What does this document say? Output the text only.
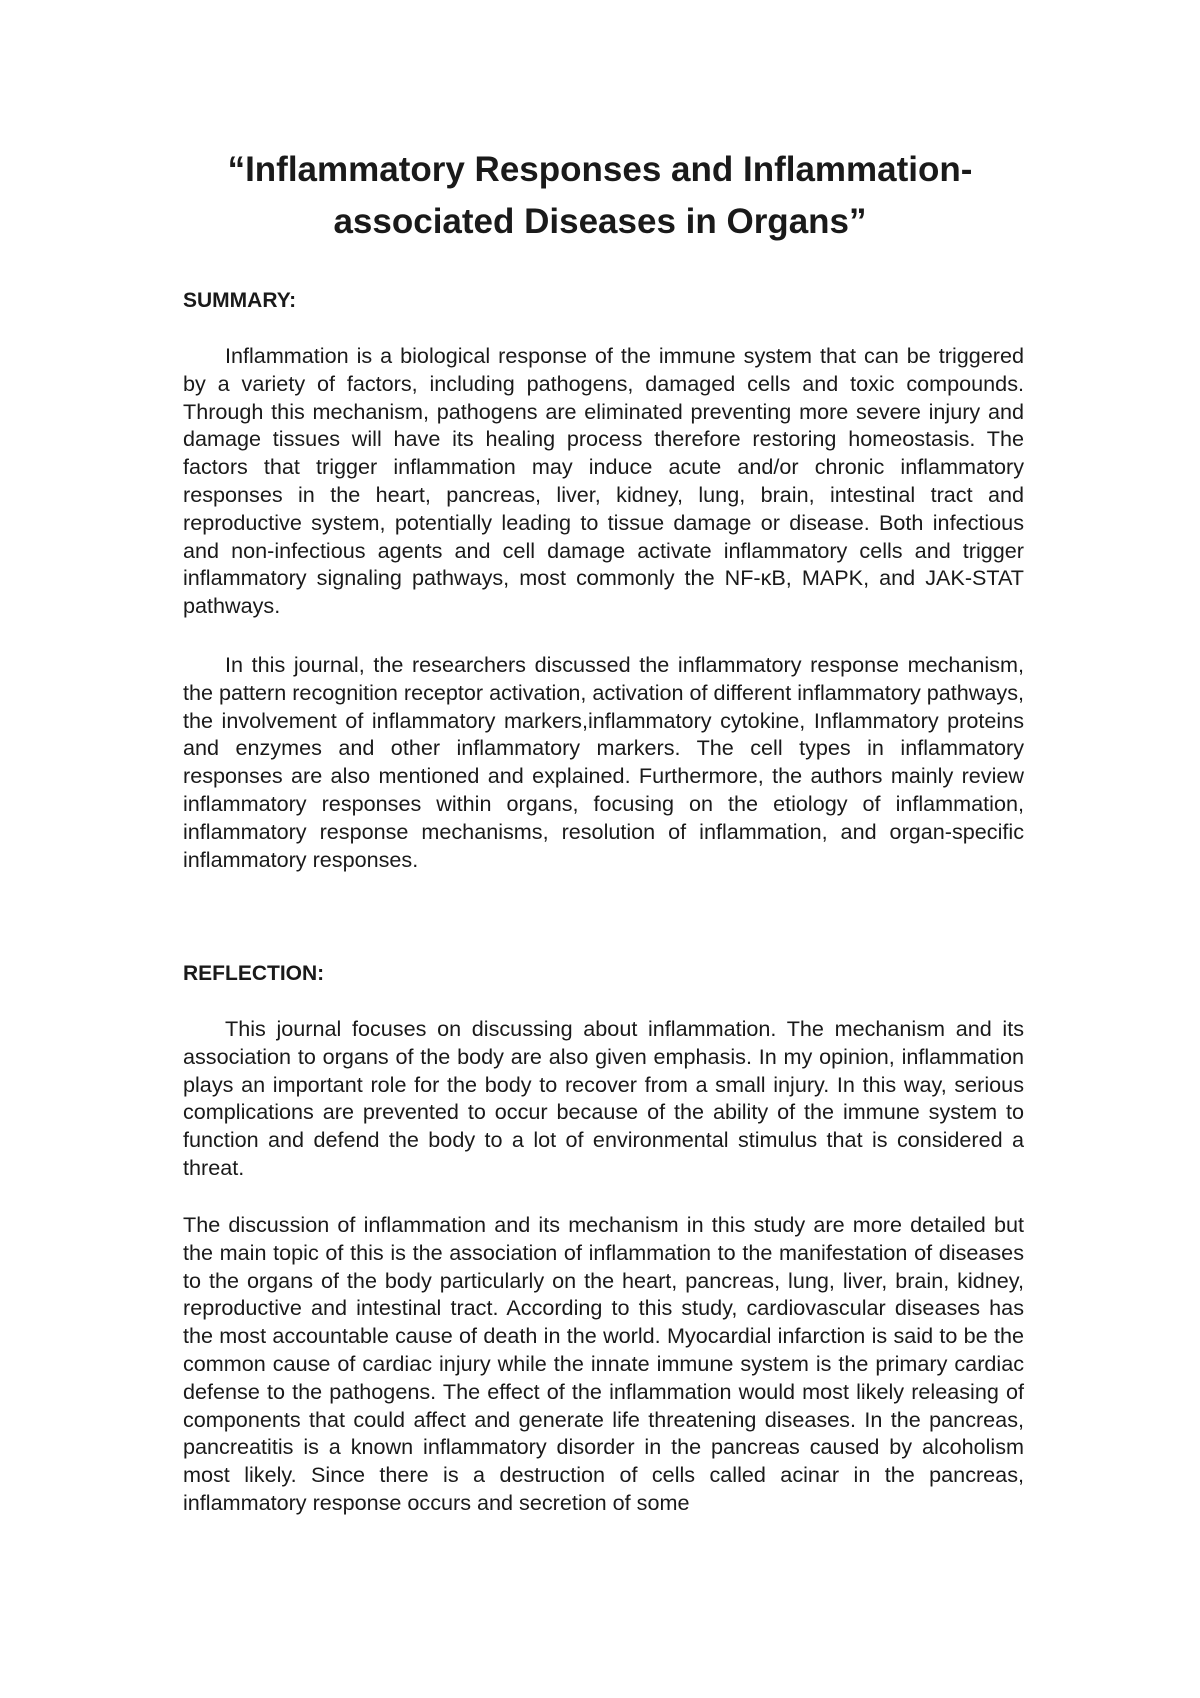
“Inflammatory Responses and Inflammation-associated Diseases in Organs”
SUMMARY:

Inflammation is a biological response of the immune system that can be triggered by a variety of factors, including pathogens, damaged cells and toxic compounds. Through this mechanism, pathogens are eliminated preventing more severe injury and damage tissues will have its healing process therefore restoring homeostasis. The factors that trigger inflammation may induce acute and/or chronic inflammatory responses in the heart, pancreas, liver, kidney, lung, brain, intestinal tract and reproductive system, potentially leading to tissue damage or disease. Both infectious and non-infectious agents and cell damage activate inflammatory cells and trigger inflammatory signaling pathways, most commonly the NF-κB, MAPK, and JAK-STAT pathways.

In this journal, the researchers discussed the inflammatory response mechanism, the pattern recognition receptor activation, activation of different inflammatory pathways, the involvement of inflammatory markers,inflammatory cytokine, Inflammatory proteins and enzymes and other inflammatory markers. The cell types in inflammatory responses are also mentioned and explained. Furthermore, the authors mainly review inflammatory responses within organs, focusing on the etiology of inflammation, inflammatory response mechanisms, resolution of inflammation, and organ-specific inflammatory responses.

REFLECTION:

This journal focuses on discussing about inflammation. The mechanism and its association to organs of the body are also given emphasis. In my opinion, inflammation plays an important role for the body to recover from a small injury. In this way, serious complications are prevented to occur because of the ability of the immune system to function and defend the body to a lot of environmental stimulus that is considered a threat.

The discussion of inflammation and its mechanism in this study are more detailed but the main topic of this is the association of inflammation to the manifestation of diseases to the organs of the body particularly on the heart, pancreas, lung, liver, brain, kidney, reproductive and intestinal tract. According to this study, cardiovascular diseases has the most accountable cause of death in the world. Myocardial infarction is said to be the common cause of cardiac injury while the innate immune system is the primary cardiac defense to the pathogens. The effect of the inflammation would most likely releasing of components that could affect and generate life threatening diseases. In the pancreas, pancreatitis is a known inflammatory disorder in the pancreas caused by alcoholism most likely. Since there is a destruction of cells called acinar in the pancreas, inflammatory response occurs and secretion of some
